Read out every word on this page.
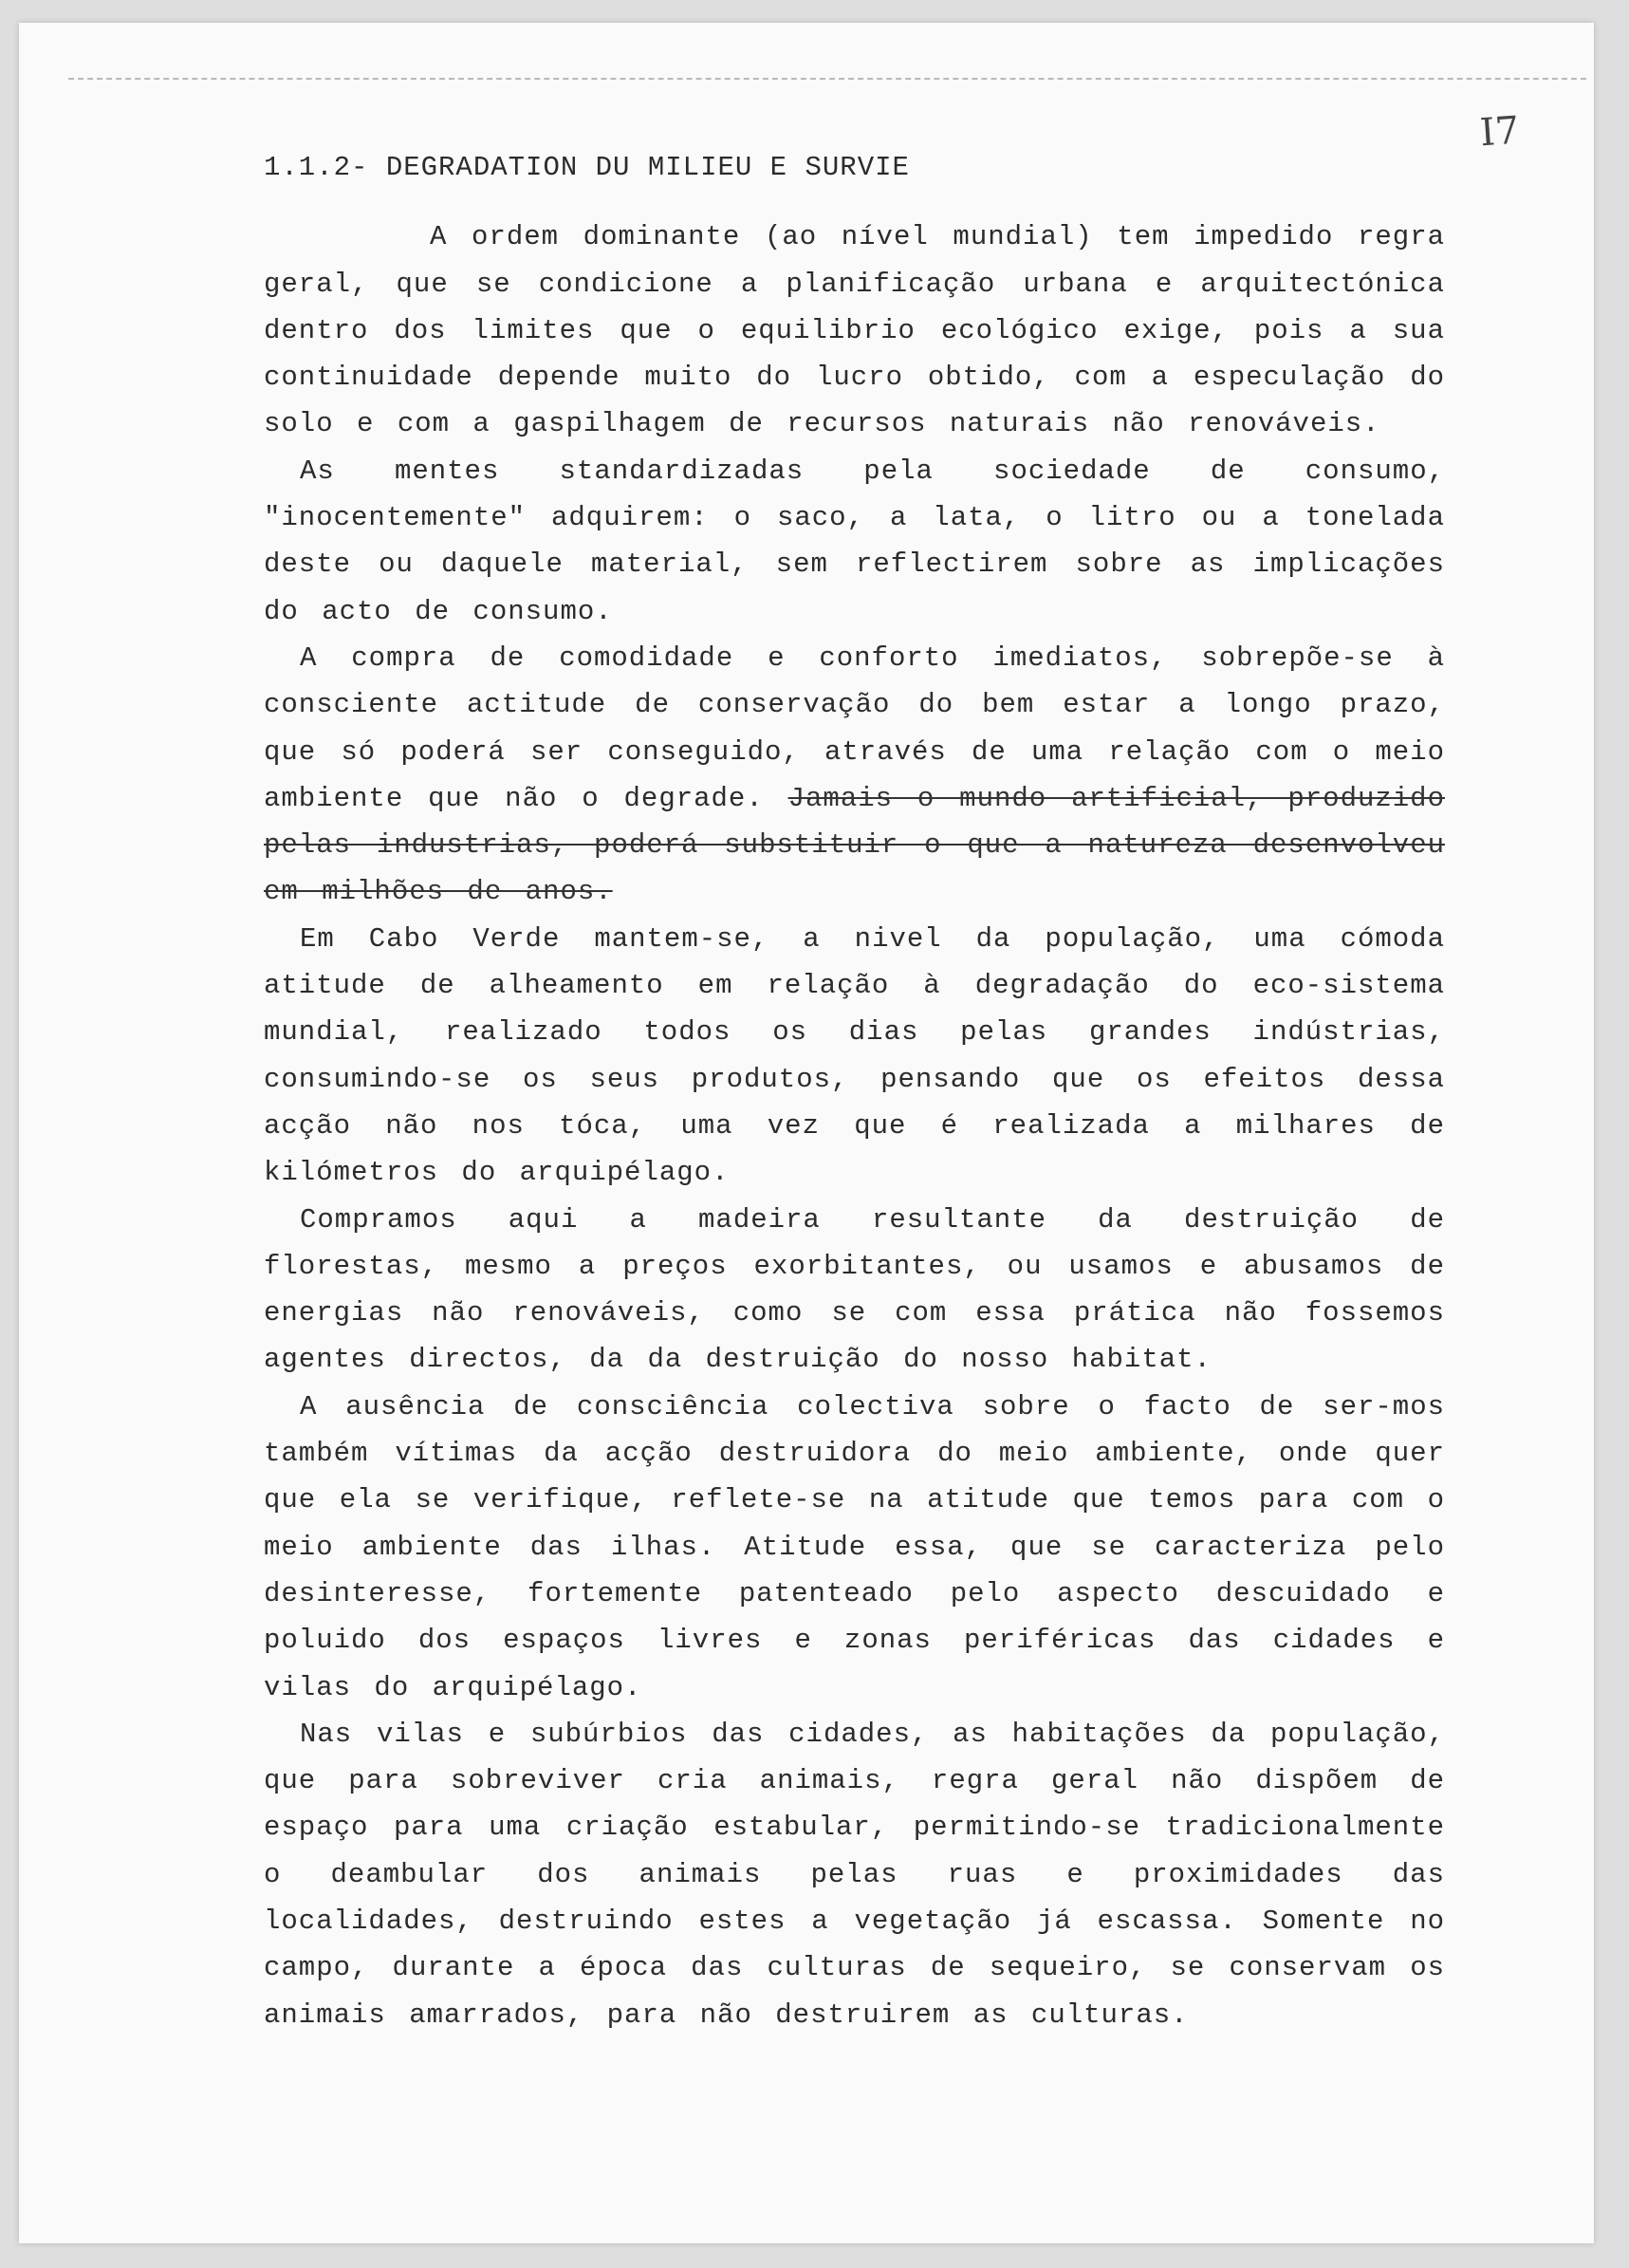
I7
1.1.2- DEGRADATION DU MILIEU E SURVIE

A ordem dominante (ao nível mundial) tem impedido regra geral, que se condicione a planificação urbana e arquitectónica dentro dos limites que o equilibrio ecológico exige, pois a sua continuidade depende muito do lucro obtido, com a especulação do solo e com a gaspilhagem de recursos naturais não renováveis.

As mentes standardizadas pela sociedade de consumo, "inocentemente" adquirem: o saco, a lata, o litro ou a tonelada deste ou daquele material, sem reflectirem sobre as implicações do acto de consumo.

A compra de comodidade e conforto imediatos, sobrepõe-se à consciente actitude de conservação do bem estar a longo prazo, que só poderá ser conseguido, através de uma relação com o meio ambiente que não o degrade. Jamais o mundo artificial, produzido pelas industrias, poderá substituir o que a natureza desenvolveu em milhões de anos.

Em Cabo Verde mantem-se, a nivel da população, uma cómoda atitude de alheamento em relação à degradação do eco-sistema mundial, realizado todos os dias pelas grandes indústrias, consumindo-se os seus produtos, pensando que os efeitos dessa acção não nos tóca, uma vez que é realizada a milhares de kilómetros do arquipélago.

Compramos aqui a madeira resultante da destruição de florestas, mesmo a preços exorbitantes, ou usamos e abusamos de energias não renováveis, como se com essa prática não fossemos agentes directos, da da destruição do nosso habitat.

A ausência de consciência colectiva sobre o facto de ser-mos também vítimas da acção destruidora do meio ambiente, onde quer que ela se verifique, reflete-se na atitude que temos para com o meio ambiente das ilhas. Atitude essa, que se caracteriza pelo desinteresse, fortemente patenteado pelo aspecto descuidado e poluido dos espaços livres e zonas periféricas das cidades e vilas do arquipélago.

Nas vilas e subúrbios das cidades, as habitações da população, que para sobreviver cria animais, regra geral não dispõem de espaço para uma criação estabular, permitindo-se tradicionalmente o deambular dos animais pelas ruas e proximidades das localidades, destruindo estes a vegetação já escassa. Somente no campo, durante a época das culturas de sequeiro, se conservam os animais amarrados, para não destruirem as culturas.
